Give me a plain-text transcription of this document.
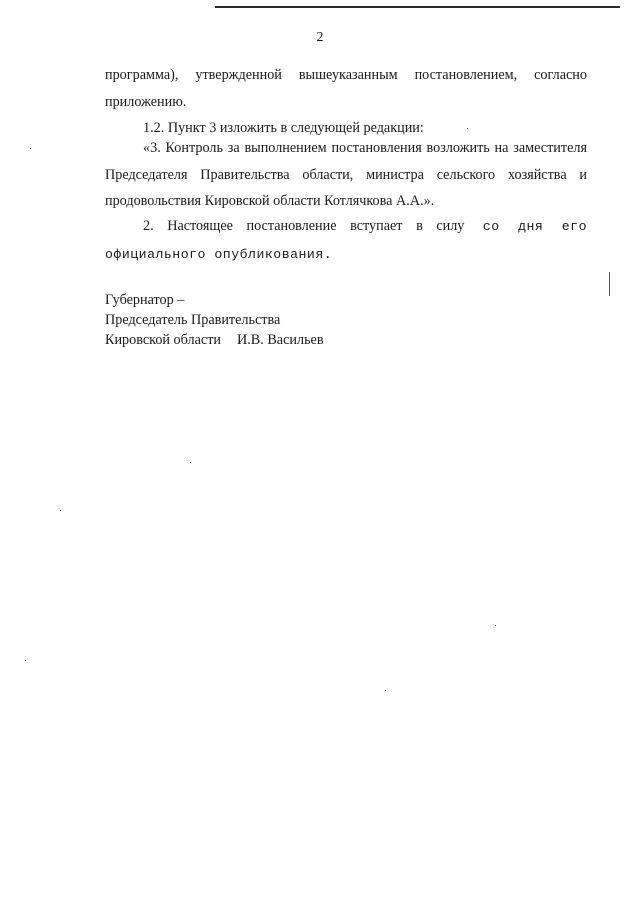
2

программа), утвержденной вышеуказанным постановлением, согласно приложению.

1.2. Пункт 3 изложить в следующей редакции:

«3. Контроль за выполнением постановления возложить на заместителя Председателя Правительства области, министра сельского хозяйства и продовольствия Кировской области Котлячкова А.А.».

2. Настоящее постановление вступает в силу со дня его официального опубликования.

Губернатор –
Председатель Правительства
Кировской области И.В. Васильев
